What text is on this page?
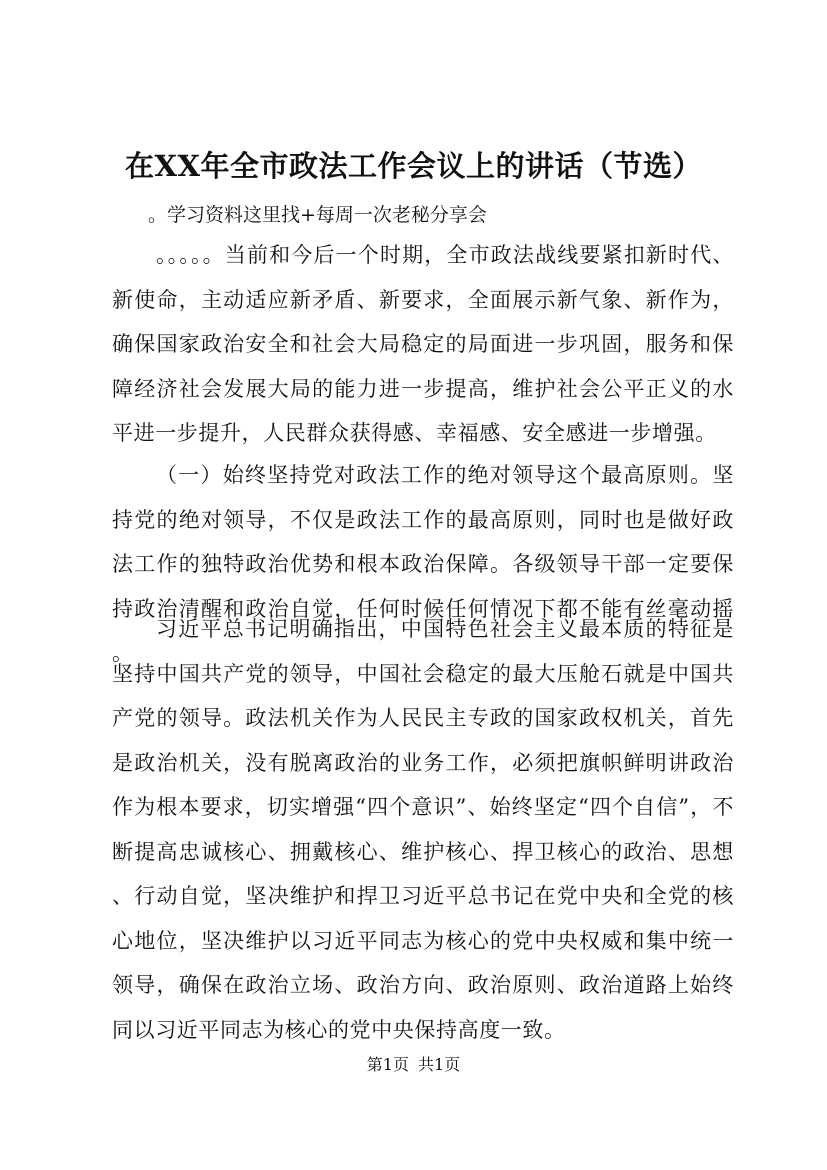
在XX年全市政法工作会议上的讲话（节选）
。学习资料这里找+每周一次老秘分享会
。。。。。当前和今后一个时期，全市政法战线要紧扣新时代、新使命，主动适应新矛盾、新要求，全面展示新气象、新作为，确保国家政治安全和社会大局稳定的局面进一步巩固，服务和保障经济社会发展大局的能力进一步提高，维护社会公平正义的水平进一步提升，人民群众获得感、幸福感、安全感进一步增强。
（一）始终坚持党对政法工作的绝对领导这个最高原则。坚持党的绝对领导，不仅是政法工作的最高原则，同时也是做好政法工作的独特政治优势和根本政治保障。各级领导干部一定要保持政治清醒和政治自觉，任何时候任何情况下都不能有丝毫动摇。
习近平总书记明确指出，中国特色社会主义最本质的特征是坚持中国共产党的领导，中国社会稳定的最大压舱石就是中国共产党的领导。政法机关作为人民民主专政的国家政权机关，首先是政治机关，没有脱离政治的业务工作，必须把旗帜鲜明讲政治作为根本要求，切实增强“四个意识”、始终坚定“四个自信”，不断提高忠诚核心、拥戴核心、维护核心、捍卫核心的政治、思想、行动自觉，坚决维护和捍卫习近平总书记在党中央和全党的核心地位，坚决维护以习近平同志为核心的党中央权威和集中统一领导，确保在政治立场、政治方向、政治原则、政治道路上始终同以习近平同志为核心的党中央保持高度一致。
第1页 共1页
